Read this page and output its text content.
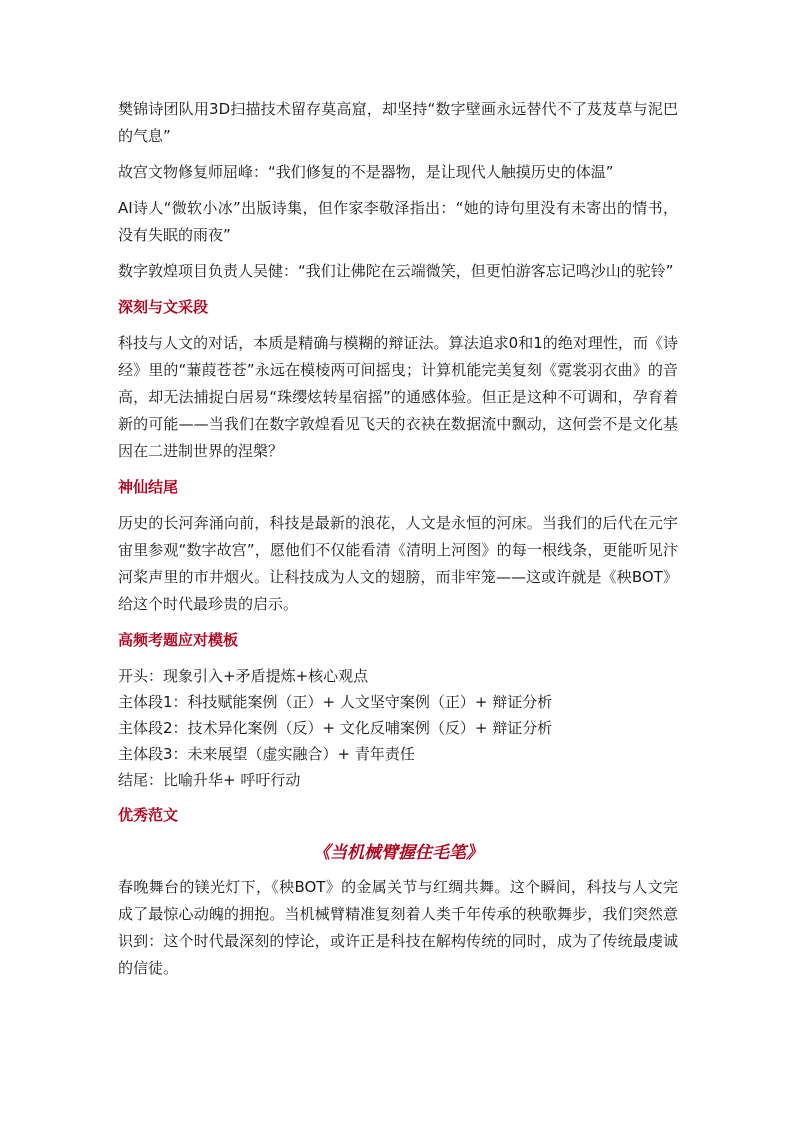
樊锦诗团队用3D扫描技术留存莫高窟，却坚持“数字壁画永远替代不了芨芨草与泥巴的气息”

故宫文物修复师屈峰：“我们修复的不是器物，是让现代人触摸历史的体温”

AI诗人“微软小冰”出版诗集，但作家李敬泽指出：“她的诗句里没有未寄出的情书，没有失眠的雨夜”

数字敦煌项目负责人吴健：“我们让佛陀在云端微笑，但更怕游客忘记鸣沙山的驼铃”

深刻与文采段

科技与人文的对话，本质是精确与模糊的辩证法。算法追求0和1的绝对理性，而《诗经》里的“蒹葭苍苍”永远在模棱两可间摇曳；计算机能完美复刻《霓裳羽衣曲》的音高，却无法捕捉白居易“珠缨炫转星宿摇”的通感体验。但正是这种不可调和，孕育着新的可能——当我们在数字敦煌看见飞天的衣袂在数据流中飘动，这何尝不是文化基因在二进制世界的涅槃？

神仙结尾

历史的长河奔涌向前，科技是最新的浪花，人文是永恒的河床。当我们的后代在元宇宙里参观“数字故宫”，愿他们不仅能看清《清明上河图》的每一根线条，更能听见汴河桨声里的市井烟火。让科技成为人文的翅膀，而非牢笼——这或许就是《秧BOT》给这个时代最珍贵的启示。

高频考题应对模板

开头：现象引入+矛盾提炼+核心观点

主体段1：科技赋能案例（正）+ 人文坚守案例（正）+ 辩证分析

主体段2：技术异化案例（反）+ 文化反哺案例（反）+ 辩证分析

主体段3：未来展望（虚实融合）+ 青年责任

结尾：比喻升华+ 呼吁行动

优秀范文
《当机械臂握住毛笔》

春晚舞台的镁光灯下，《秧BOT》的金属关节与红绸共舞。这个瞬间，科技与人文完成了最惊心动魄的拥抱。当机械臂精准复刻着人类千年传承的秧歌舞步，我们突然意识到：这个时代最深刻的悖论，或许正是科技在解构传统的同时，成为了传统最虔诚的信徒。
